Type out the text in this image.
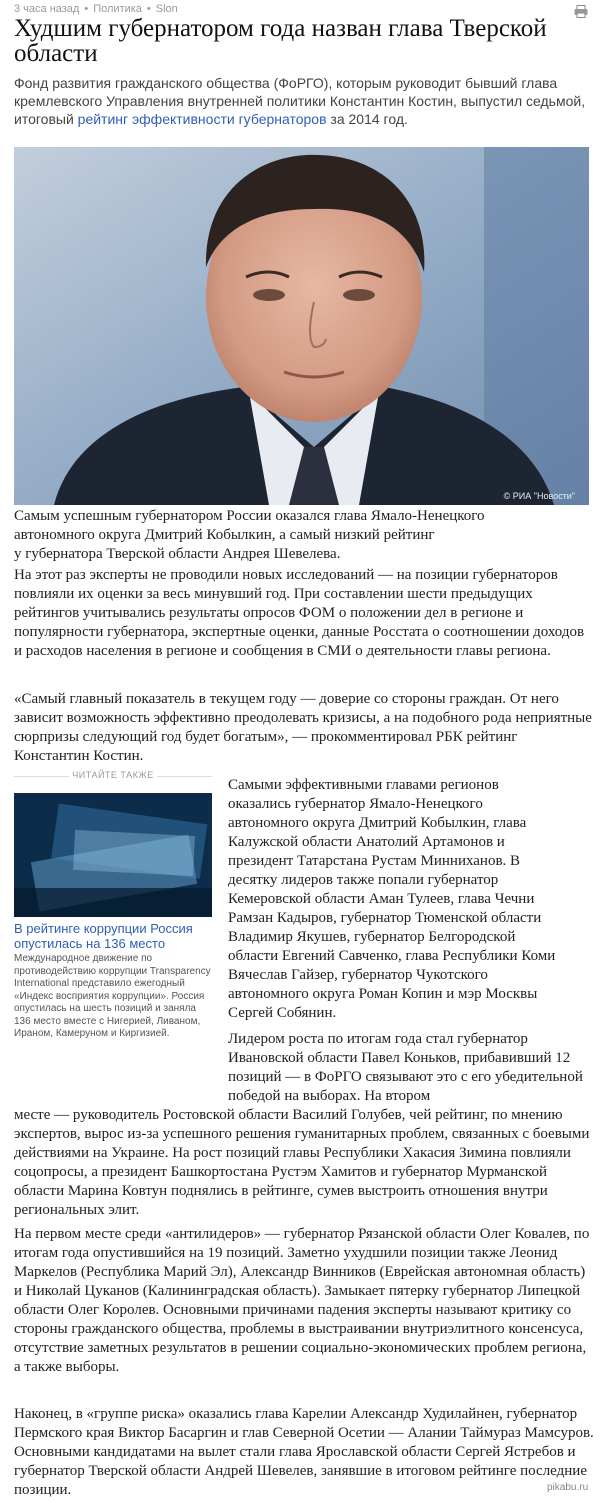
3 часа назад • Политика • Slon
Худшим губернатором года назван глава Тверской области

Фонд развития гражданского общества (ФоРГО), которым руководит бывший глава кремлевского Управления внутренней политики Константин Костин, выпустил седьмой, итоговый рейтинг эффективности губернаторов за 2014 год.

© РИА "Новости"

Самым успешным губернатором России оказался глава Ямало-Ненецкого
автономного округа Дмитрий Кобылкин, а самый низкий рейтинг

у губернатора Тверской области Андрея Шевелева.

На этот раз эксперты не проводили новых исследований — на позиции губернаторов повлияли их оценки за весь минувший год. При составлении шести предыдущих рейтингов учитывались результаты опросов ФОМ о положении дел в регионе и популярности губернатора, экспертные оценки, данные Росстата о соотношении доходов и расходов населения в регионе и сообщения в СМИ о деятельности главы региона.

«Самый главный показатель в текущем году — доверие со стороны граждан. От него зависит возможность эффективно преодолевать кризисы, а на подобного рода неприятные сюрпризы следующий год будет богатым», — прокомментировал РБК рейтинг Константин Костин.

ЧИТАЙТЕ ТАКЖЕ

В рейтинге коррупции Россия опустилась на 136 место

Международное движение по противодействию коррупции Transparency International представило ежегодный «Индекс восприятия коррупции». Россия опустилась на шесть позиций и заняла 136 место вместе с Нигерией, Ливаном, Ираном, Камеруном и Киргизией.

Самыми эффективными главами регионов оказались губернатор Ямало-Ненецкого автономного округа Дмитрий Кобылкин, глава Калужской области Анатолий Артамонов и президент Татарстана Рустам Минниханов. В десятку лидеров также попали губернатор Кемеровской области Аман Тулеев, глава Чечни Рамзан Кадыров, губернатор Тюменской области Владимир Якушев, губернатор Белгородской области Евгений Савченко, глава Республики Коми Вячеслав Гайзер, губернатор Чукотского автономного округа Роман Копин и мэр Москвы Сергей Собянин.

Лидером роста по итогам года стал губернатор Ивановской области Павел Коньков, прибавивший 12 позиций — в ФоРГО связывают это с его убедительной победой на выборах. На втором
месте — руководитель Ростовской области Василий Голубев, чей рейтинг, по мнению экспертов, вырос из-за успешного решения гуманитарных проблем, связанных с боевыми действиями на Украине. На рост позиций главы Республики Хакасия Зимина повлияли соцопросы, а президент Башкортостана Рустэм Хамитов и губернатор Мурманской области Марина Ковтун поднялись в рейтинге, сумев выстроить отношения внутри региональных элит.

На первом месте среди «антилидеров» — губернатор Рязанской области Олег Ковалев, по итогам года опустившийся на 19 позиций. Заметно ухудшили позиции также Леонид Маркелов (Республика Марий Эл), Александр Винников (Еврейская автономная область) и Николай Цуканов (Калининградская область). Замыкает пятерку губернатор Липецкой области Олег Королев. Основными причинами падения эксперты называют критику со стороны гражданского общества, проблемы в выстраивании внутриэлитного консенсуса, отсутствие заметных результатов в решении социально-экономических проблем региона, а также выборы.

Наконец, в «группе риска» оказались глава Карелии Александр Худилайнен, губернатор Пермского края Виктор Басаргин и глав Северной Осетии — Алании Таймураз Мамсуров. Основными кандидатами на вылет стали глава Ярославской области Сергей Ястребов и губернатор Тверской области Андрей Шевелев, занявшие в итоговом рейтинге последние позиции.	pikabu.ru
